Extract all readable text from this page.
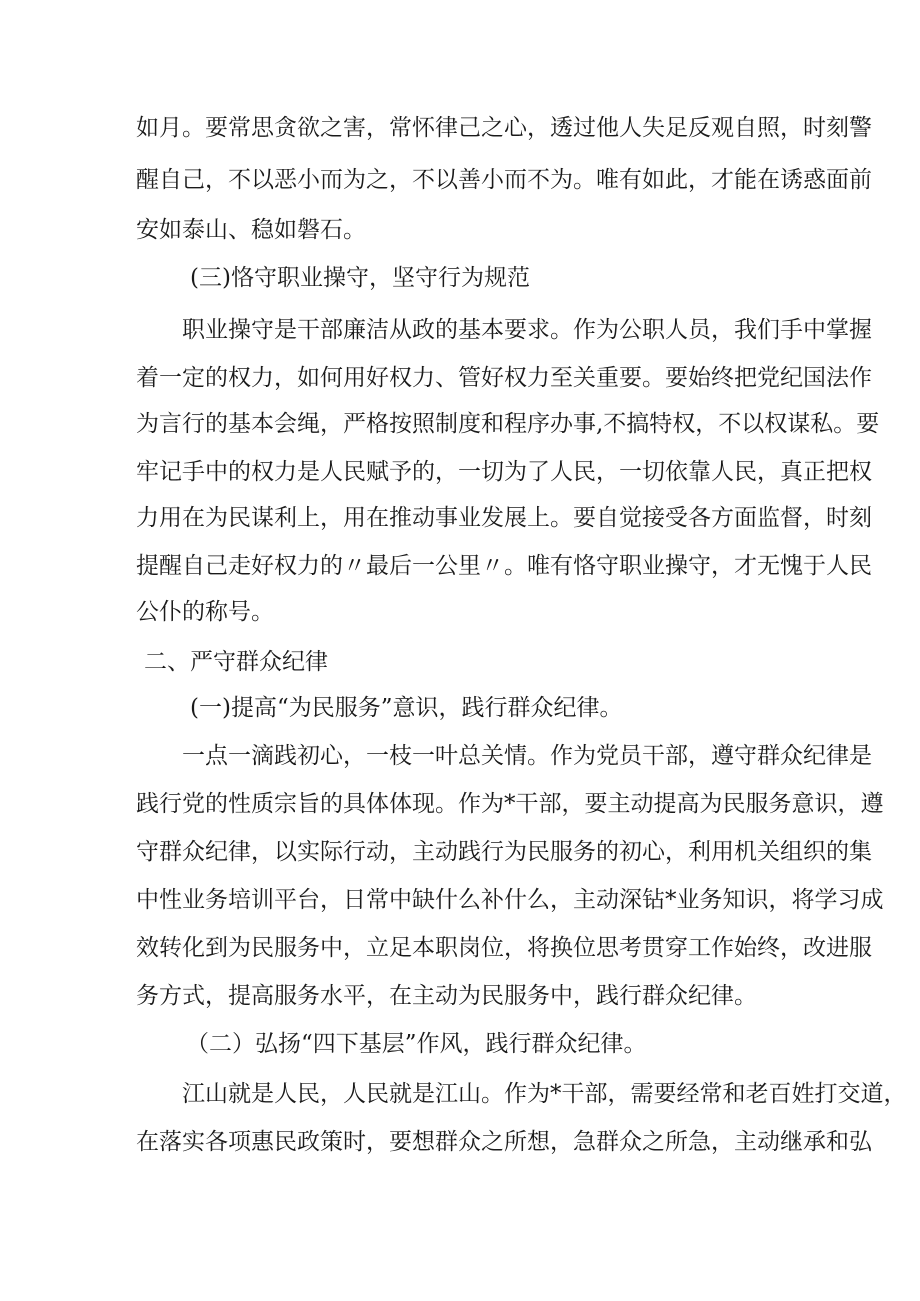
如月。要常思贪欲之害，常怀律己之心，透过他人失足反观自照，时刻警
醒自己，不以恶小而为之，不以善小而不为。唯有如此，才能在诱惑面前
安如泰山、稳如磐石。
(三)恪守职业操守，坚守行为规范
职业操守是干部廉洁从政的基本要求。作为公职人员，我们手中掌握
着一定的权力，如何用好权力、管好权力至关重要。要始终把党纪国法作
为言行的基本会绳，严格按照制度和程序办事,不搞特权，不以权谋私。要
牢记手中的权力是人民赋予的，一切为了人民，一切依靠人民，真正把权
力用在为民谋利上，用在推动事业发展上。要自觉接受各方面监督，时刻
提醒自己走好权力的〃最后一公里〃。唯有恪守职业操守，才无愧于人民
公仆的称号。
二、严守群众纪律
(一)提高“为民服务”意识，践行群众纪律。
一点一滴践初心，一枝一叶总关情。作为党员干部，遵守群众纪律是
践行党的性质宗旨的具体体现。作为*干部，要主动提高为民服务意识，遵
守群众纪律，以实际行动，主动践行为民服务的初心，利用机关组织的集
中性业务培训平台，日常中缺什么补什么，主动深钻*业务知识，将学习成
效转化到为民服务中，立足本职岗位，将换位思考贯穿工作始终，改进服
务方式，提高服务水平，在主动为民服务中，践行群众纪律。
（二）弘扬“四下基层”作风，践行群众纪律。
江山就是人民，人民就是江山。作为*干部，需要经常和老百姓打交道，
在落实各项惠民政策时，要想群众之所想，急群众之所急，主动继承和弘
